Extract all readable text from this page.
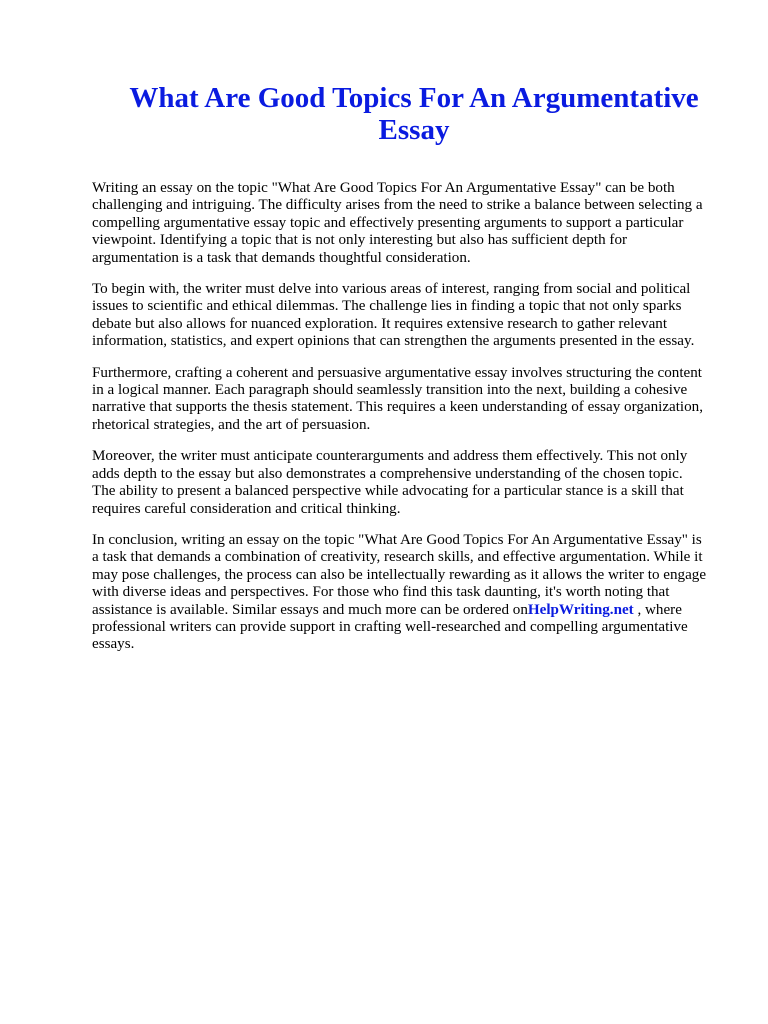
What Are Good Topics For An Argumentative
Essay

Writing an essay on the topic "What Are Good Topics For An Argumentative Essay" can be both
challenging and intriguing. The difficulty arises from the need to strike a balance between selecting a
compelling argumentative essay topic and effectively presenting arguments to support a particular
viewpoint. Identifying a topic that is not only interesting but also has sufficient depth for
argumentation is a task that demands thoughtful consideration.

To begin with, the writer must delve into various areas of interest, ranging from social and political
issues to scientific and ethical dilemmas. The challenge lies in finding a topic that not only sparks
debate but also allows for nuanced exploration. It requires extensive research to gather relevant
information, statistics, and expert opinions that can strengthen the arguments presented in the essay.

Furthermore, crafting a coherent and persuasive argumentative essay involves structuring the content
in a logical manner. Each paragraph should seamlessly transition into the next, building a cohesive
narrative that supports the thesis statement. This requires a keen understanding of essay organization,
rhetorical strategies, and the art of persuasion.

Moreover, the writer must anticipate counterarguments and address them effectively. This not only
adds depth to the essay but also demonstrates a comprehensive understanding of the chosen topic.
The ability to present a balanced perspective while advocating for a particular stance is a skill that
requires careful consideration and critical thinking.

In conclusion, writing an essay on the topic "What Are Good Topics For An Argumentative Essay" is
a task that demands a combination of creativity, research skills, and effective argumentation. While it
may pose challenges, the process can also be intellectually rewarding as it allows the writer to engage
with diverse ideas and perspectives. For those who find this task daunting, it's worth noting that
assistance is available. Similar essays and much more can be ordered onHelpWriting.net , where
professional writers can provide support in crafting well-researched and compelling argumentative
essays.
